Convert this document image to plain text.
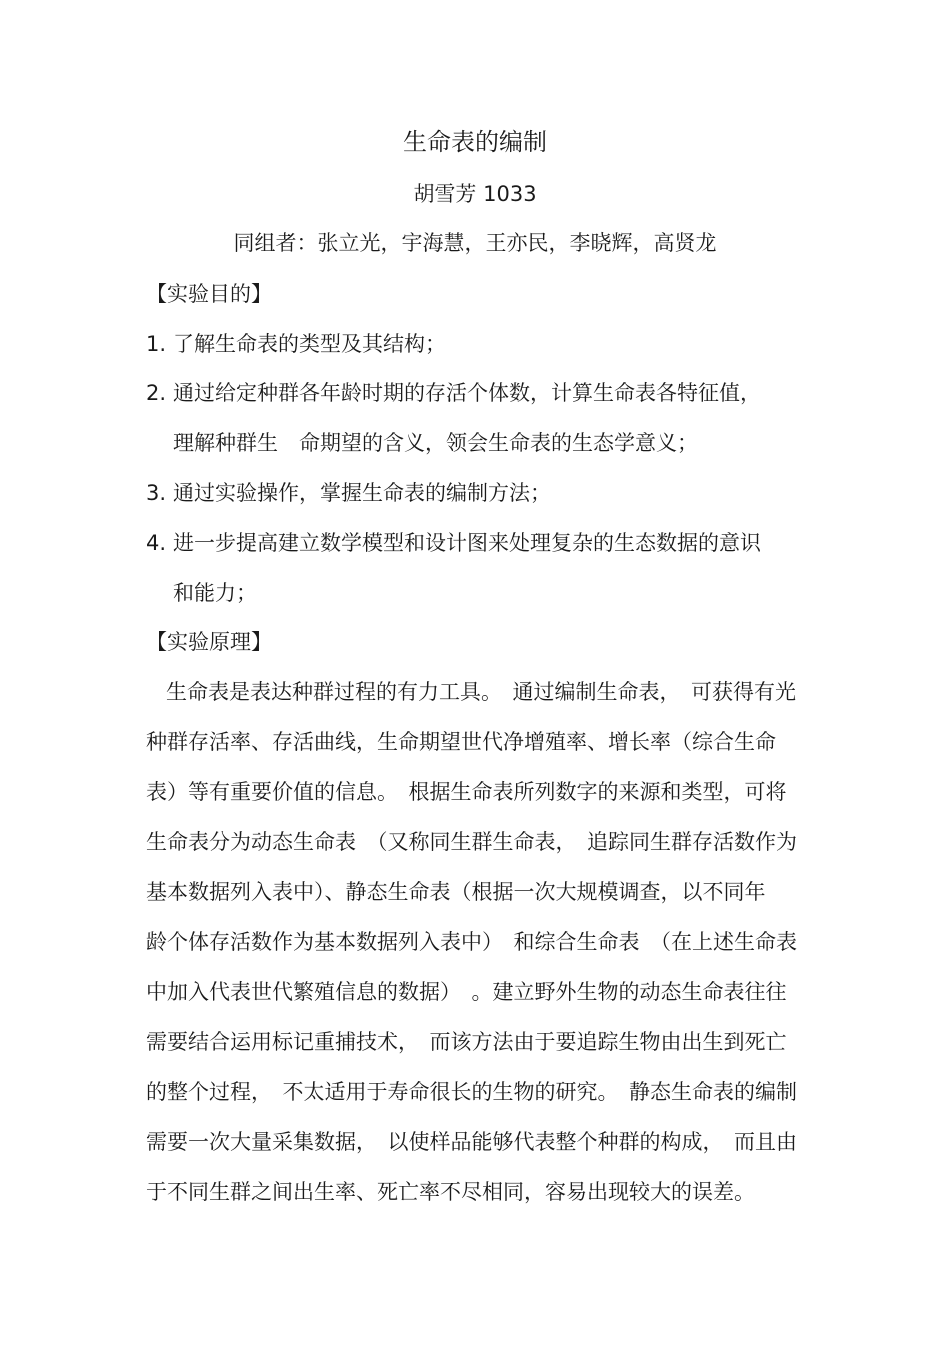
生命表的编制
胡雪芳 1033
同组者：张立光，宇海慧，王亦民，李晓辉，高贤龙
【实验目的】
1. 了解生命表的类型及其结构；
2. 通过给定种群各年龄时期的存活个体数，计算生命表各特征值，
理解种群生　命期望的含义，领会生命表的生态学意义；
3. 通过实验操作，掌握生命表的编制方法；
4. 进一步提高建立数学模型和设计图来处理复杂的生态数据的意识
和能力；
【实验原理】
生命表是表达种群过程的有力工具。　通过编制生命表，　可获得有光
种群存活率、存活曲线，生命期望世代净增殖率、增长率（综合生命
表）等有重要价值的信息。　根据生命表所列数字的来源和类型，可将
生命表分为动态生命表　（又称同生群生命表，　追踪同生群存活数作为
基本数据列入表中）、静态生命表（根据一次大规模调查，以不同年
龄个体存活数作为基本数据列入表中）　和综合生命表　（在上述生命表
中加入代表世代繁殖信息的数据）　。建立野外生物的动态生命表往往
需要结合运用标记重捕技术，　而该方法由于要追踪生物由出生到死亡
的整个过程，　不太适用于寿命很长的生物的研究。　静态生命表的编制
需要一次大量采集数据，　以使样品能够代表整个种群的构成，　而且由
于不同生群之间出生率、死亡率不尽相同，容易出现较大的误差。
